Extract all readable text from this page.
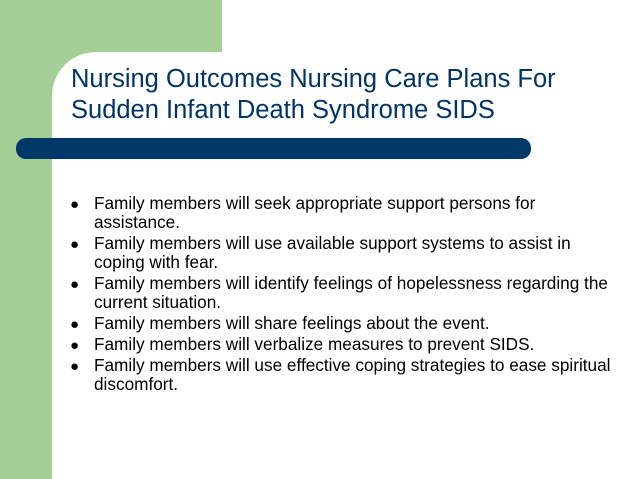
Nursing Outcomes Nursing Care Plans For
Sudden Infant Death Syndrome SIDS
● Family members will seek appropriate support persons for assistance.
● Family members will use available support systems to assist in coping with fear.
● Family members will identify feelings of hopelessness regarding the current situation.
● Family members will share feelings about the event.
● Family members will verbalize measures to prevent SIDS.
● Family members will use effective coping strategies to ease spiritual discomfort.
